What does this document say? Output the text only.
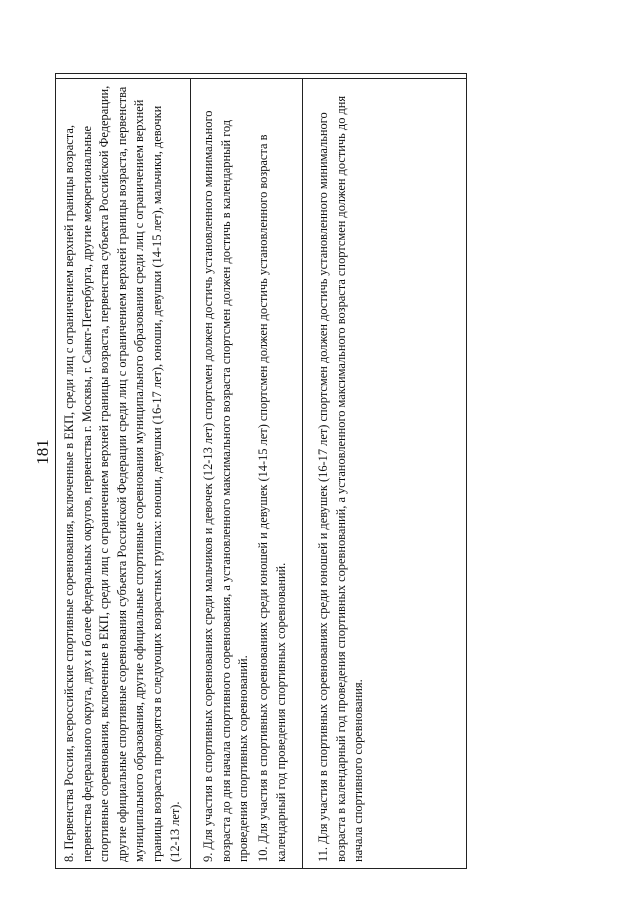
181 8. Первенства России, всероссийские спортивные соревнования, включенные в ЕКП, среди лиц с ограничением верхней границы возраста, первенства федерального округа, двух и более федеральных округов, первенства г. Москвы, г. Санкт-Петербурга, другие межрегиональные спортивные соревнования, включенные в ЕКП, среди лиц с ограничением верхней границы возраста, первенства субъекта Российской Федерации, другие официальные спортивные соревнования субъекта Российской Федерации среди лиц с ограничением верхней границы возраста, первенства муниципального образования, другие официальные спортивные соревнования муниципального образования среди лиц с ограничением верхней границы возраста проводятся в следующих возрастных группах: юноши, девушки (16-17 лет), юноши, девушки (14-15 лет), мальчики, девочки (12-13 лет). 9. Для участия в спортивных соревнованиях среди мальчиков и девочек (12-13 лет) спортсмен должен достичь установленного минимального возраста до дня начала спортивного соревнования, а установленного максимального возраста спортсмен должен достичь в календарный год проведения спортивных соревнований. 10. Для участия в спортивных соревнованиях среди юношей и девушек (14-15 лет) спортсмен должен достичь установленного возраста в календарный год проведения спортивных соревнований. 11. Для участия в спортивных соревнованиях среди юношей и девушек (16-17 лет) спортсмен должен достичь установленного минимального возраста в календарный год проведения спортивных соревнований, а установленного максимального возраста спортсмен должен достичь до дня начала спортивного соревнования.
